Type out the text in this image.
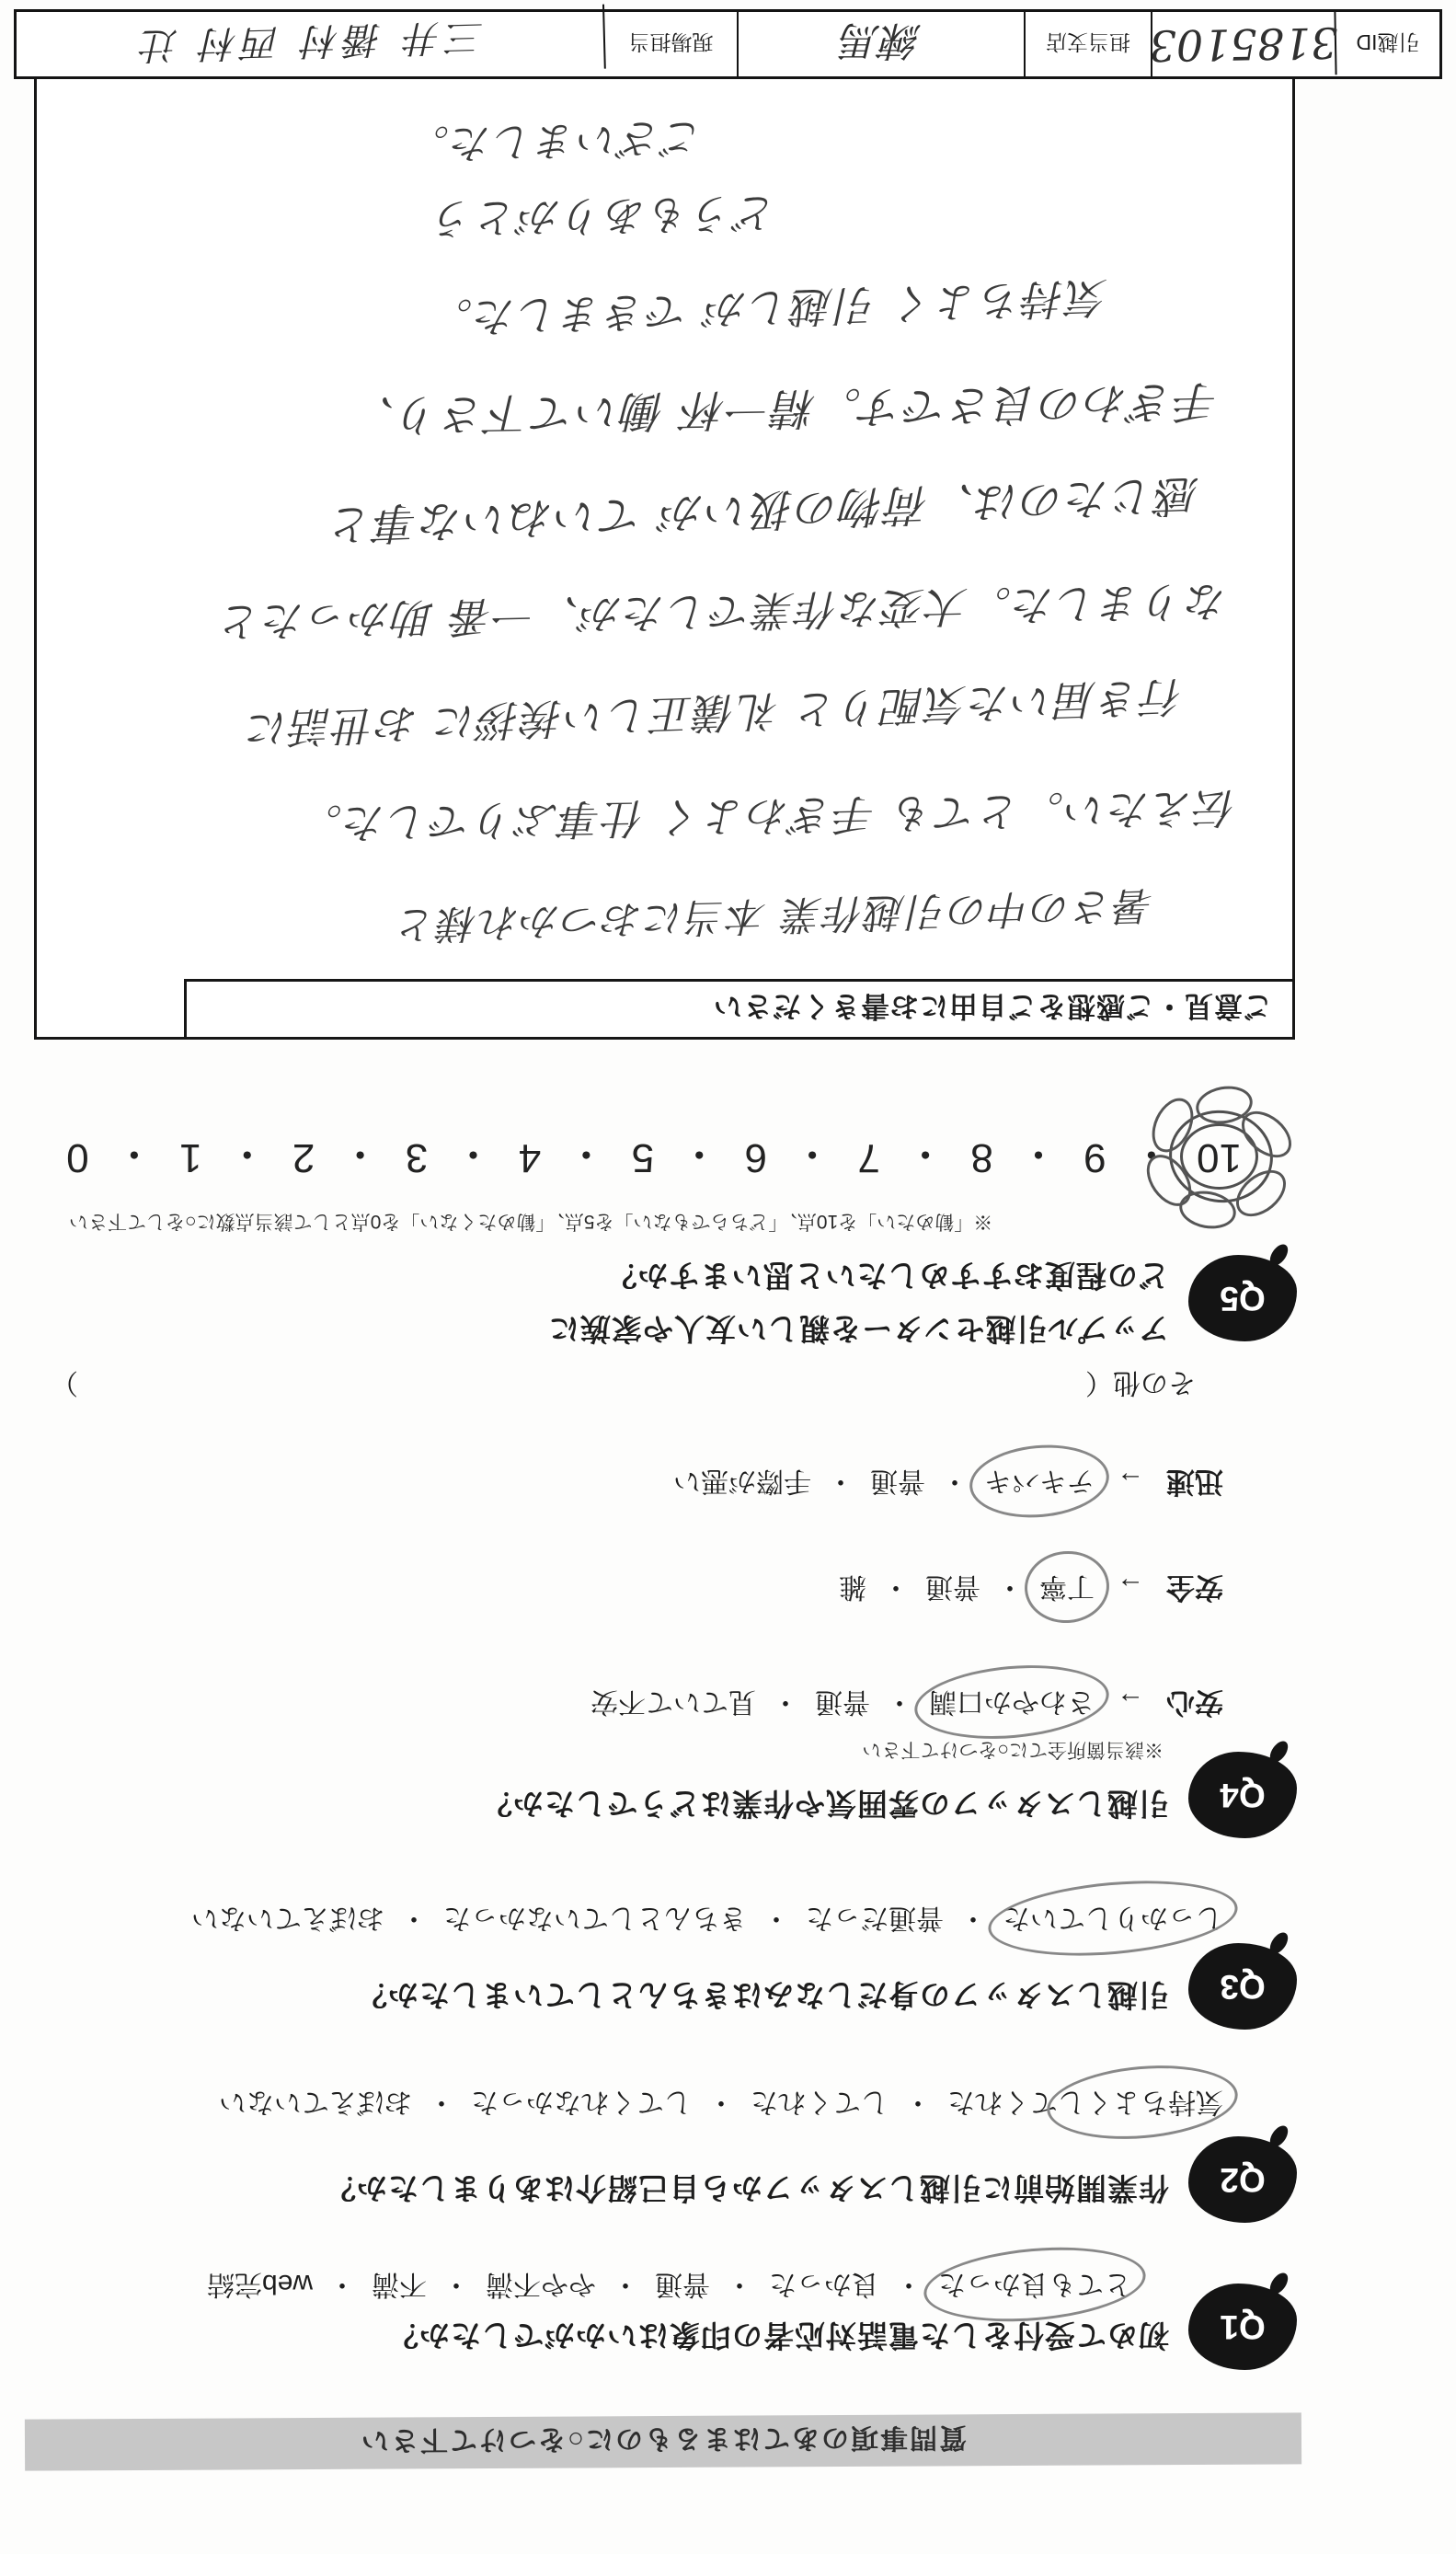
質問事項のあてはまるものに○をつけて下さい
Q1
初めて受付をした電話対応者の印象はいかがでしたか？
とても良かった・ 良かった・ 普通・ やや不満・ 不満・ web完結
Q2
作業開始前に引越しスタッフから自己紹介はありましたか？
気持ちよくしてくれた・ してくれた・ してくれなかった・ おぼえていない
Q3
引越しスタッフの身だしなみはきちんとしていましたか？
しっかりしていた・ 普通だった・ きちんとしていなかった・ おぼえていない
Q4
引越しスタッフの雰囲気や作業はどうでしたか？
※該当箇所全てに○をつけて下さい
安心→さわやか口調・ 普通・ 見ていて不安
安全→丁寧・ 普通・ 雑
迅速→テキパキ・ 普通・ 手際が悪い
その他（
）
Q5
アップル引越センターを親しい友人や家族に
どの程度おすすめしたいと思いますか？
※「勧めたい」を10点、「どちらでもない」を5点、「勧めたくない」を0点として該当点数に○をして下さい
10
・
9
・
8
・
7
・
6
・
5
・
4
・
3
・
2
・
1
・
0
ご意見・ご感想をご自由にお書きください
暑さの中の引越作業 本当におつかれ様と
伝えたい。とても 手ぎわよく 仕事ぶりでした。
行き届いた気配りと 礼儀正しい挨拶に お世話に
なりました。大変な作業でしたが、一番 助かったと
感じたのは、荷物の扱いが ていねいな事と
手ぎわの良さです。精一杯 働いて下さり、
気持ちよく 引越しが できました。
どうもありがとう
ございました。
引越ID
3185103
担当支店
練馬
現場担当
三井 播村 西村 辻
